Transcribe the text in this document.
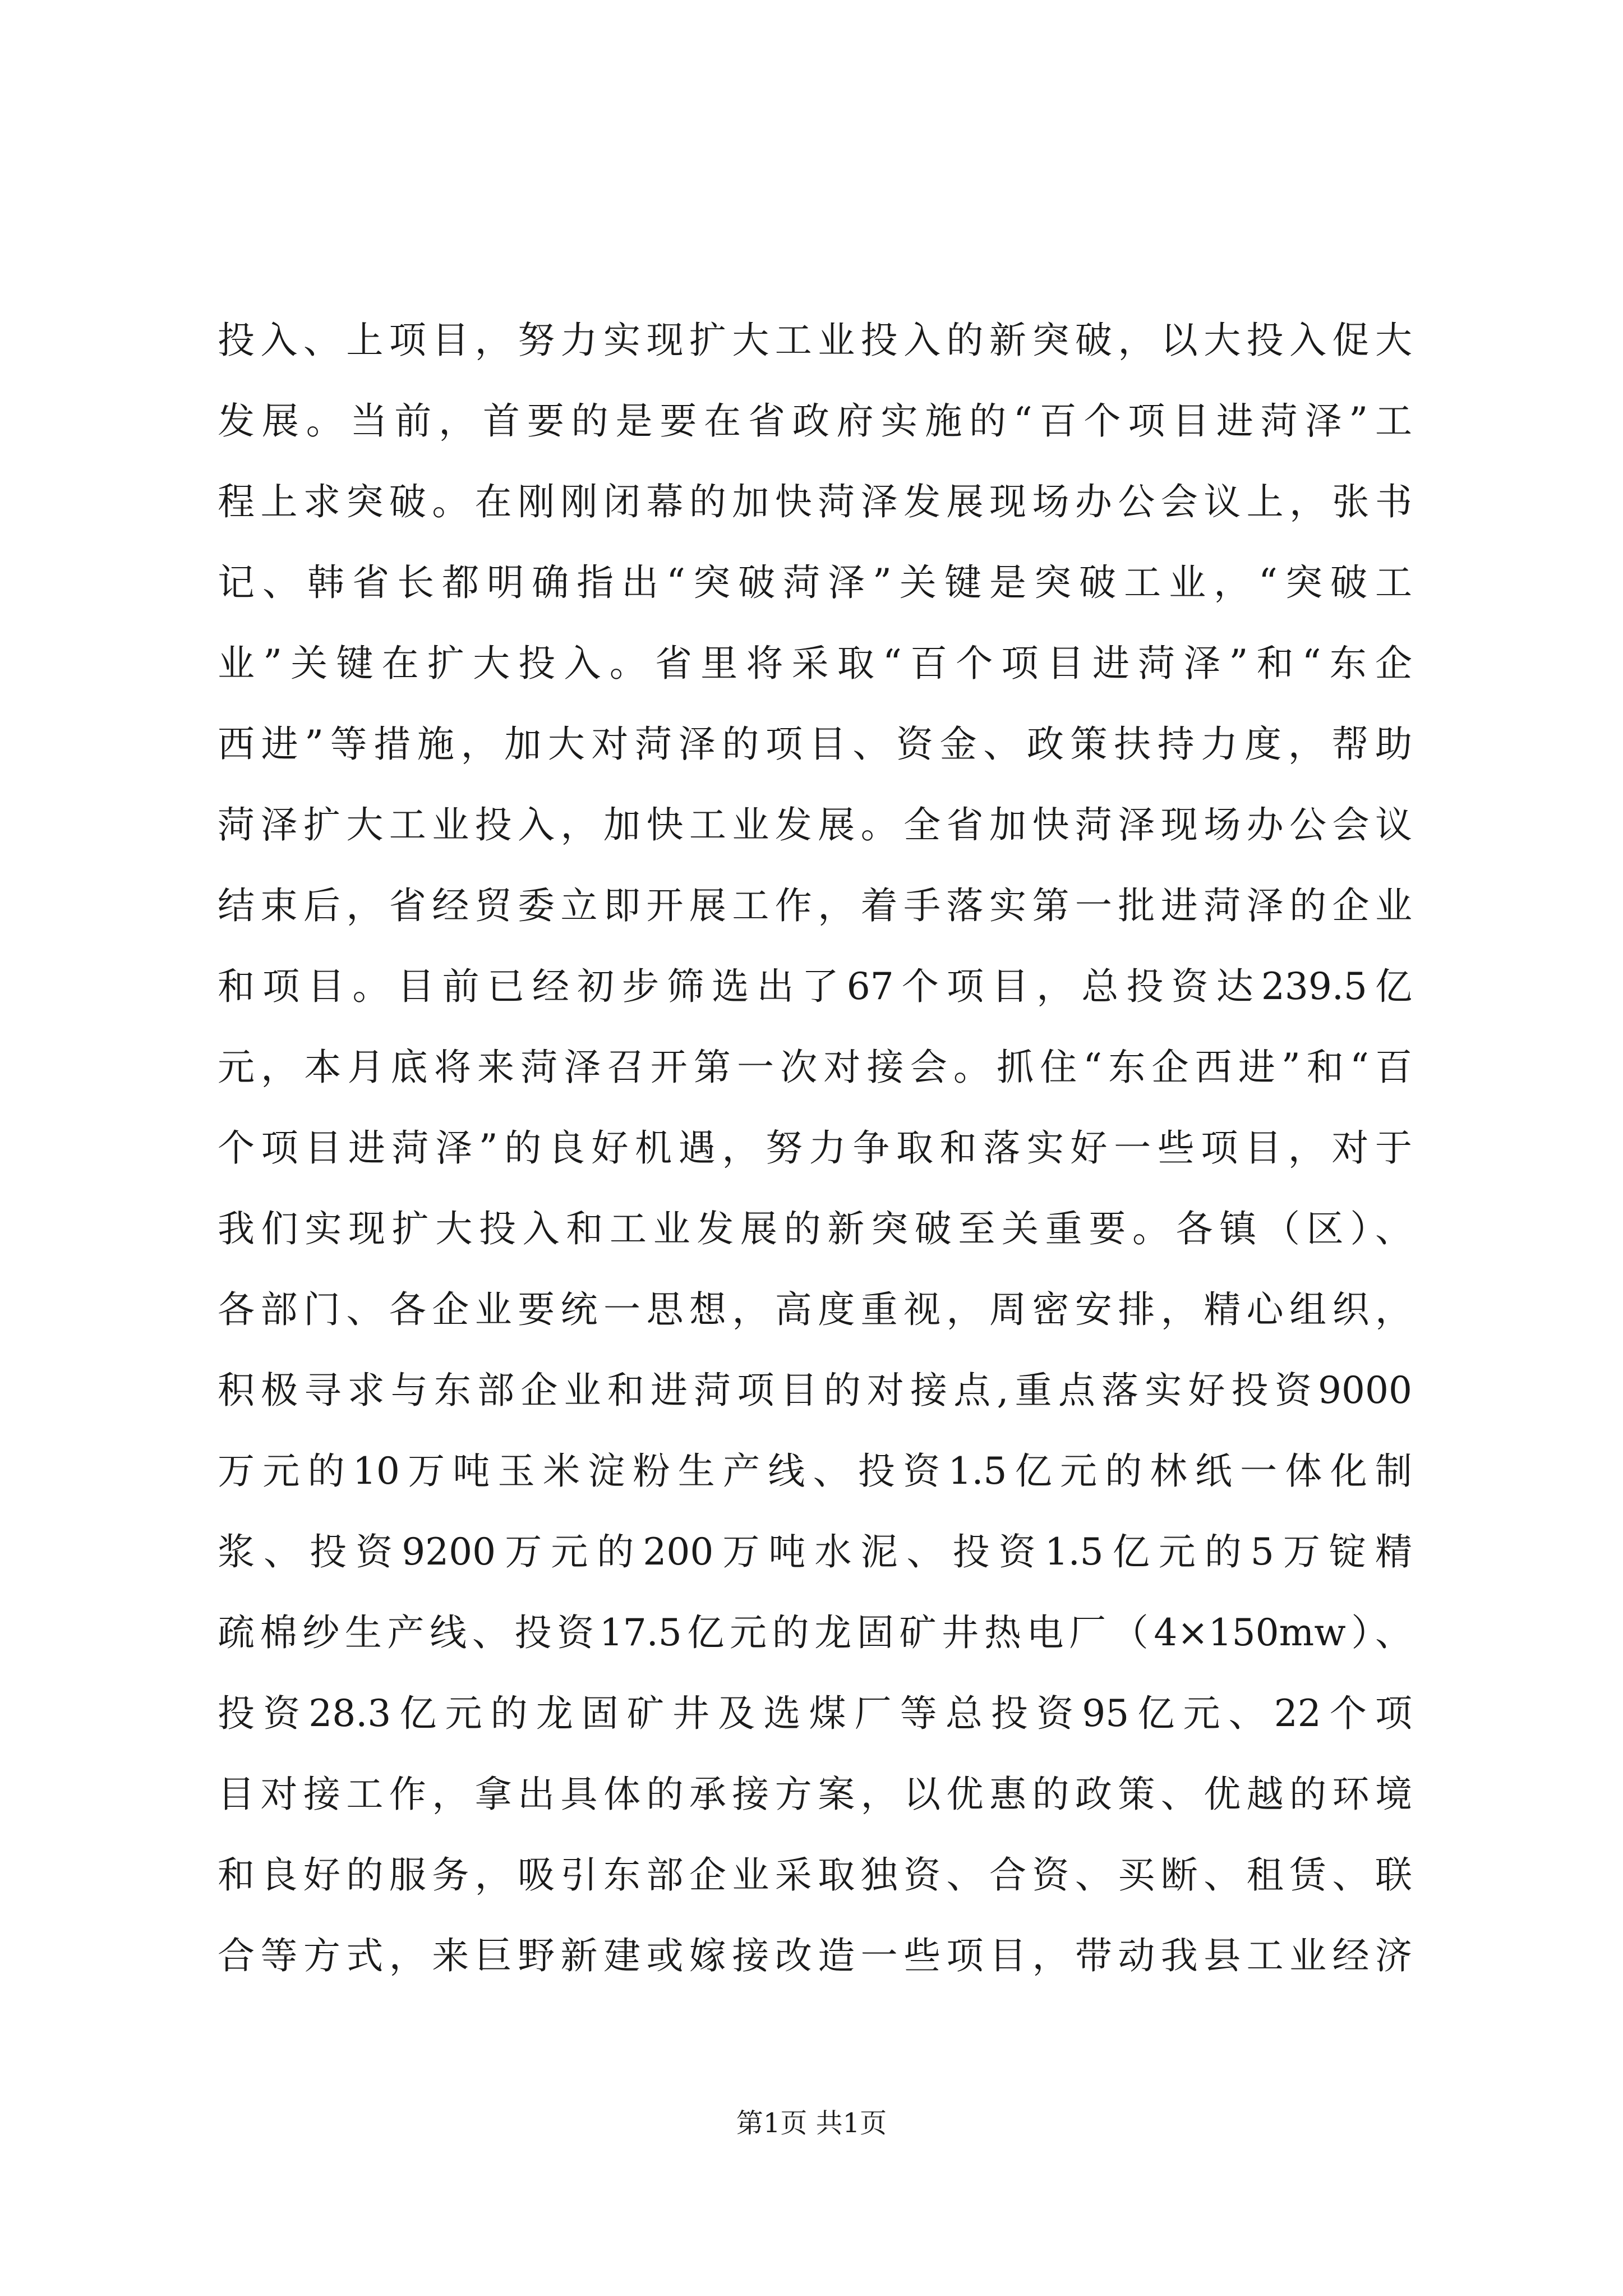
投入、上项目，努力实现扩大工业投入的新突破，以大投入促大
发展。当前，首要的是要在省政府实施的“百个项目进菏泽”工
程上求突破。在刚刚闭幕的加快菏泽发展现场办公会议上，张书
记、韩省长都明确指出“突破菏泽”关键是突破工业，“突破工
业”关键在扩大投入。省里将采取“百个项目进菏泽”和“东企
西进”等措施，加大对菏泽的项目、资金、政策扶持力度，帮助
菏泽扩大工业投入，加快工业发展。全省加快菏泽现场办公会议
结束后，省经贸委立即开展工作，着手落实第一批进菏泽的企业
和项目。目前已经初步筛选出了67个项目，总投资达239.5亿
元，本月底将来菏泽召开第一次对接会。抓住“东企西进”和“百
个项目进菏泽”的良好机遇，努力争取和落实好一些项目，对于
我们实现扩大投入和工业发展的新突破至关重要。各镇（区）、
各部门、各企业要统一思想，高度重视，周密安排，精心组织，
积极寻求与东部企业和进菏项目的对接点,重点落实好投资9000
万元的10万吨玉米淀粉生产线、投资1.5亿元的林纸一体化制
浆、投资9200万元的200万吨水泥、投资1.5亿元的5万锭精
疏棉纱生产线、投资17.5亿元的龙固矿井热电厂（4×150mw）、
投资28.3亿元的龙固矿井及选煤厂等总投资95亿元、22个项
目对接工作，拿出具体的承接方案，以优惠的政策、优越的环境
和良好的服务，吸引东部企业采取独资、合资、买断、租赁、联
合等方式，来巨野新建或嫁接改造一些项目，带动我县工业经济
第1页 共1页
